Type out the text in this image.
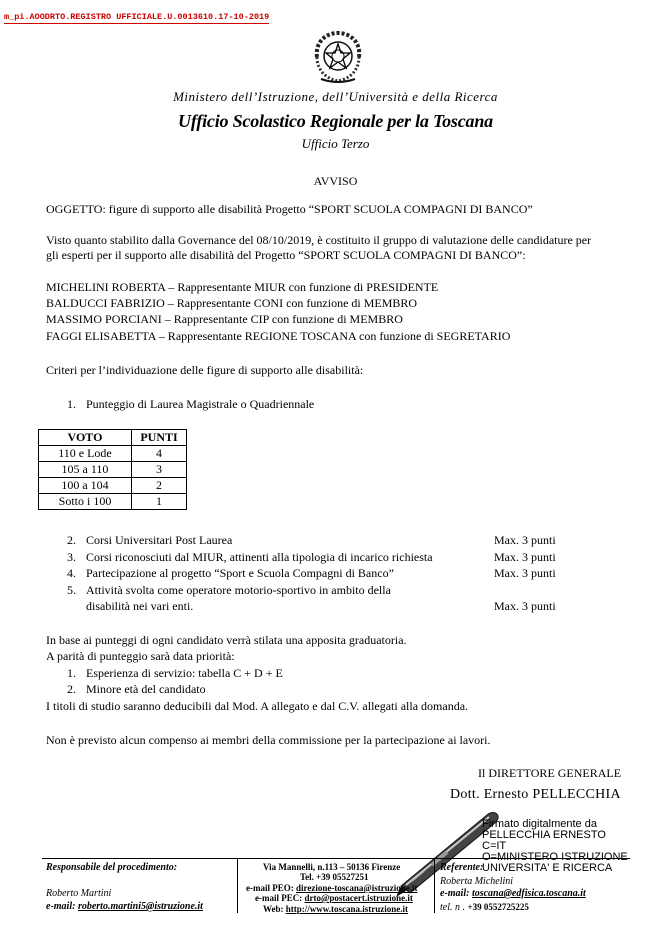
m_pi.AOODRTO.REGISTRO UFFICIALE.U.0013610.17-10-2019
Ministero dell’Istruzione, dell’Università e della Ricerca
Ufficio Scolastico Regionale per la Toscana
Ufficio Terzo
AVVISO
OGGETTO: figure di supporto alle disabilità Progetto “SPORT SCUOLA COMPAGNI DI BANCO”
Visto quanto stabilito dalla Governance del 08/10/2019, è costituito il gruppo di valutazione delle candidature per
gli esperti per il supporto alle disabilità del Progetto “SPORT SCUOLA COMPAGNI DI BANCO”:
MICHELINI ROBERTA – Rappresentante MIUR con funzione di PRESIDENTE
BALDUCCI FABRIZIO – Rappresentante CONI con funzione di MEMBRO
MASSIMO PORCIANI – Rappresentante CIP con funzione di MEMBRO
FAGGI ELISABETTA – Rappresentante REGIONE TOSCANA con funzione di SEGRETARIO
Criteri per l’individuazione delle figure di supporto alle disabilità:
1. Punteggio di Laurea Magistrale o Quadriennale
VOTO	PUNTI
110 e Lode	4
105 a 110	3
100 a 104	2
Sotto i 100	1
2. Corsi Universitari Post Laurea	Max. 3 punti
3. Corsi riconosciuti dal MIUR, attinenti alla tipologia di incarico richiesta	Max. 3 punti
4. Partecipazione al progetto “Sport e Scuola Compagni di Banco”	Max. 3 punti
5. Attività svolta come operatore motorio-sportivo in ambito della
disabilità nei vari enti.	Max. 3 punti
In base ai punteggi di ogni candidato verrà stilata una apposita graduatoria.
A parità di punteggio sarà data priorità:
1. Esperienza di servizio: tabella C + D + E
2. Minore età del candidato
I titoli di studio saranno deducibili dal Mod. A allegato e dal C.V. allegati alla domanda.
Non è previsto alcun compenso ai membri della commissione per la partecipazione ai lavori.
Il DIRETTORE GENERALE
Dott. Ernesto PELLECCHIA
Firmato digitalmente da
PELLECCHIA ERNESTO
C=IT
O=MINISTERO ISTRUZIONE
UNIVERSITA' E RICERCA
Responsabile del procedimento:
Roberto Martini
e-mail: roberto.martini5@istruzione.it
Via Mannelli, n.113 – 50136 Firenze
Tel. +39 05527251
e-mail PEO: direzione-toscana@istruzione.it
e-mail PEC: drto@postacert.istruzione.it
Web: http://www.toscana.istruzione.it
Referente:
Roberta Michelini
e-mail: toscana@edfisica.toscana.it
tel. n . +39 0552725225
